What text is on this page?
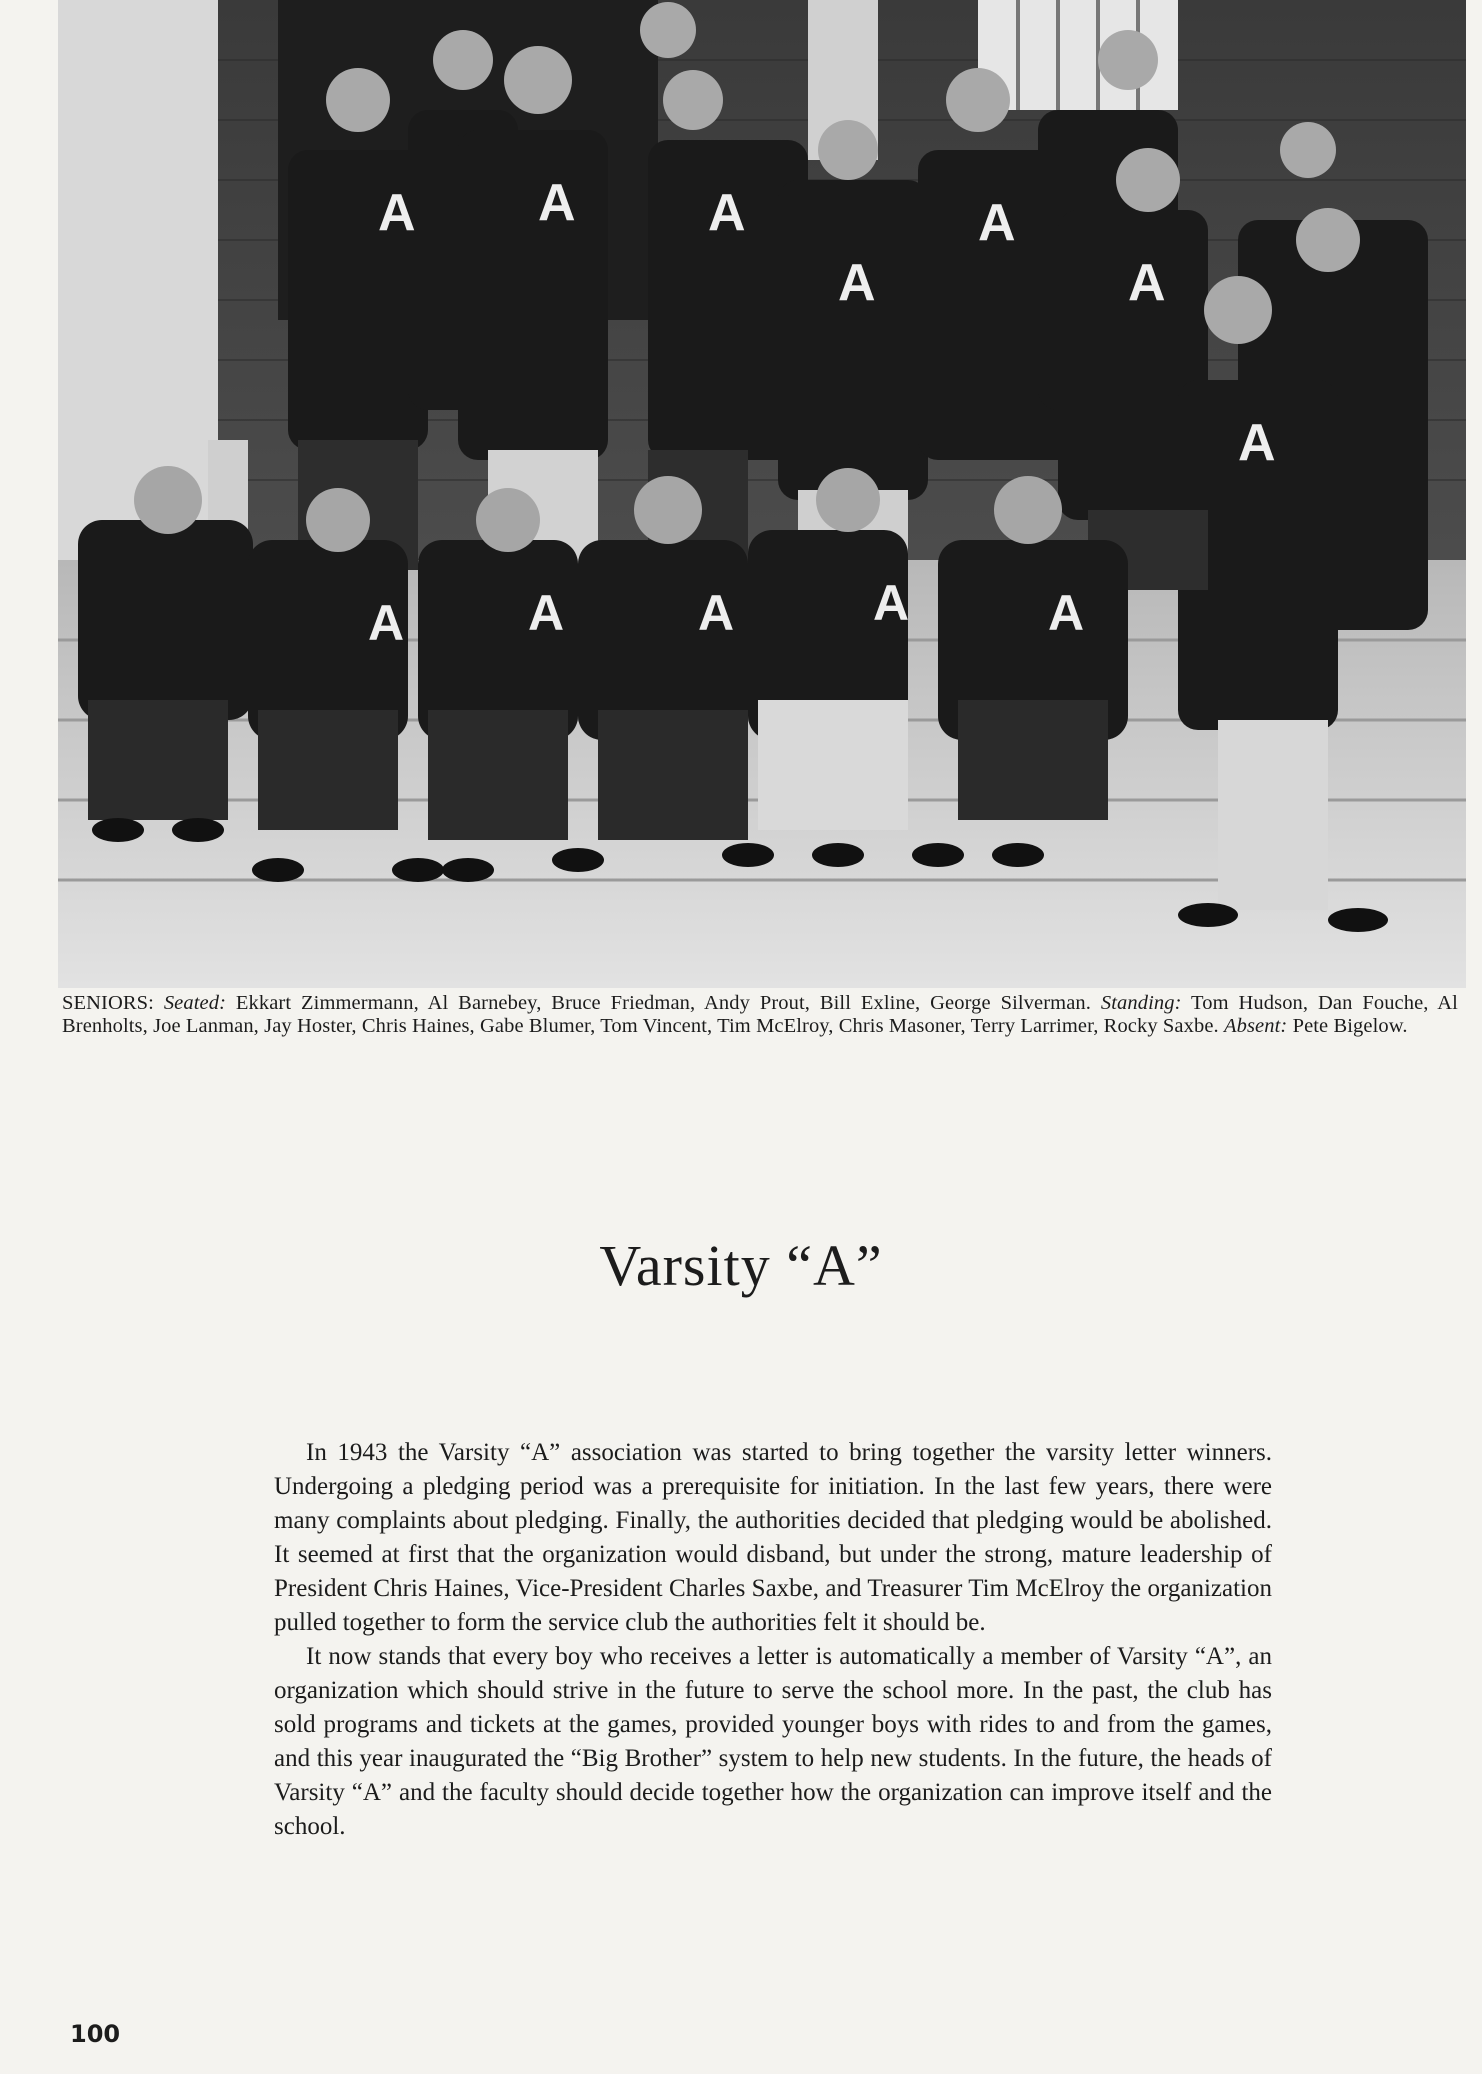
A A	A
A
A
A
A
A A	A	A	A
SENIORS: Seated: Ekkart Zimmermann, Al Barnebey, Bruce Friedman, Andy Prout, Bill Exline, George Silverman. Standing: Tom Hudson, Dan Fouche, Al Brenholts, Joe Lanman, Jay Hoster, Chris Haines, Gabe Blumer, Tom Vincent, Tim McElroy, Chris Masoner, Terry Larrimer, Rocky Saxbe. Absent: Pete Bigelow.
Varsity “A”

In 1943 the Varsity “A” association was started to bring together the varsity letter winners. Undergoing a pledging period was a prerequisite for initiation. In the last few years, there were many complaints about pledging. Finally, the authorities decided that pledging would be abolished. It seemed at first that the organization would disband, but under the strong, mature leadership of President Chris Haines, Vice-President Charles Saxbe, and Treasurer Tim McElroy the organization pulled together to form the service club the authorities felt it should be.

It now stands that every boy who receives a letter is automatically a member of Varsity “A”, an organization which should strive in the future to serve the school more. In the past, the club has sold programs and tickets at the games, provided younger boys with rides to and from the games, and this year inaugurated the “Big Brother” system to help new students. In the future, the heads of Varsity “A” and the faculty should decide together how the organization can improve itself and the school.

100
